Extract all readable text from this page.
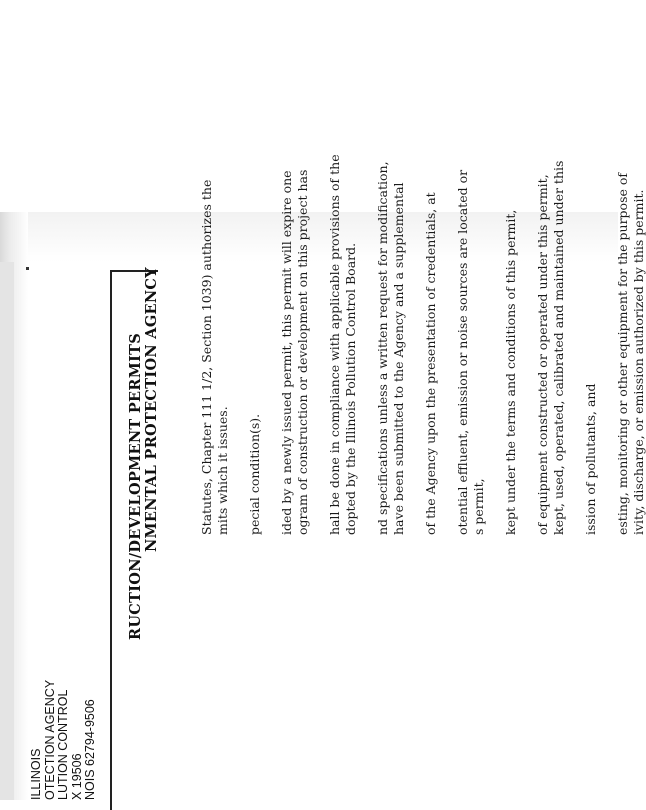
ILLINOIS OTECTION AGENCY LUTION CONTROL X 19506 NOIS 62794-9506
RUCTION/DEVELOPMENT PERMITS NMENTAL PROTECTION AGENCY	Statutes, Chapter 111 1/2, Section 1039) authorizes the mits which it issues. pecial condition(s). ided by a newly issued permit, this permit will expire one ogram of construction or development on this project has hall be done in compliance with applicable provisions of the dopted by the Illinois Pollution Control Board. nd specifications unless a written request for modification, have been submitted to the Agency and a supplemental of the Agency upon the presentation of credentials, at otential effluent, emission or noise sources are located or s permit, kept under the terms and conditions of this permit, of equipment constructed or operated under this permit, kept, used, operated, calibrated and maintained under this ission of pollutants, and esting, monitoring or other equipment for the purpose of ivity, discharge, or emission authorized by this permit.
